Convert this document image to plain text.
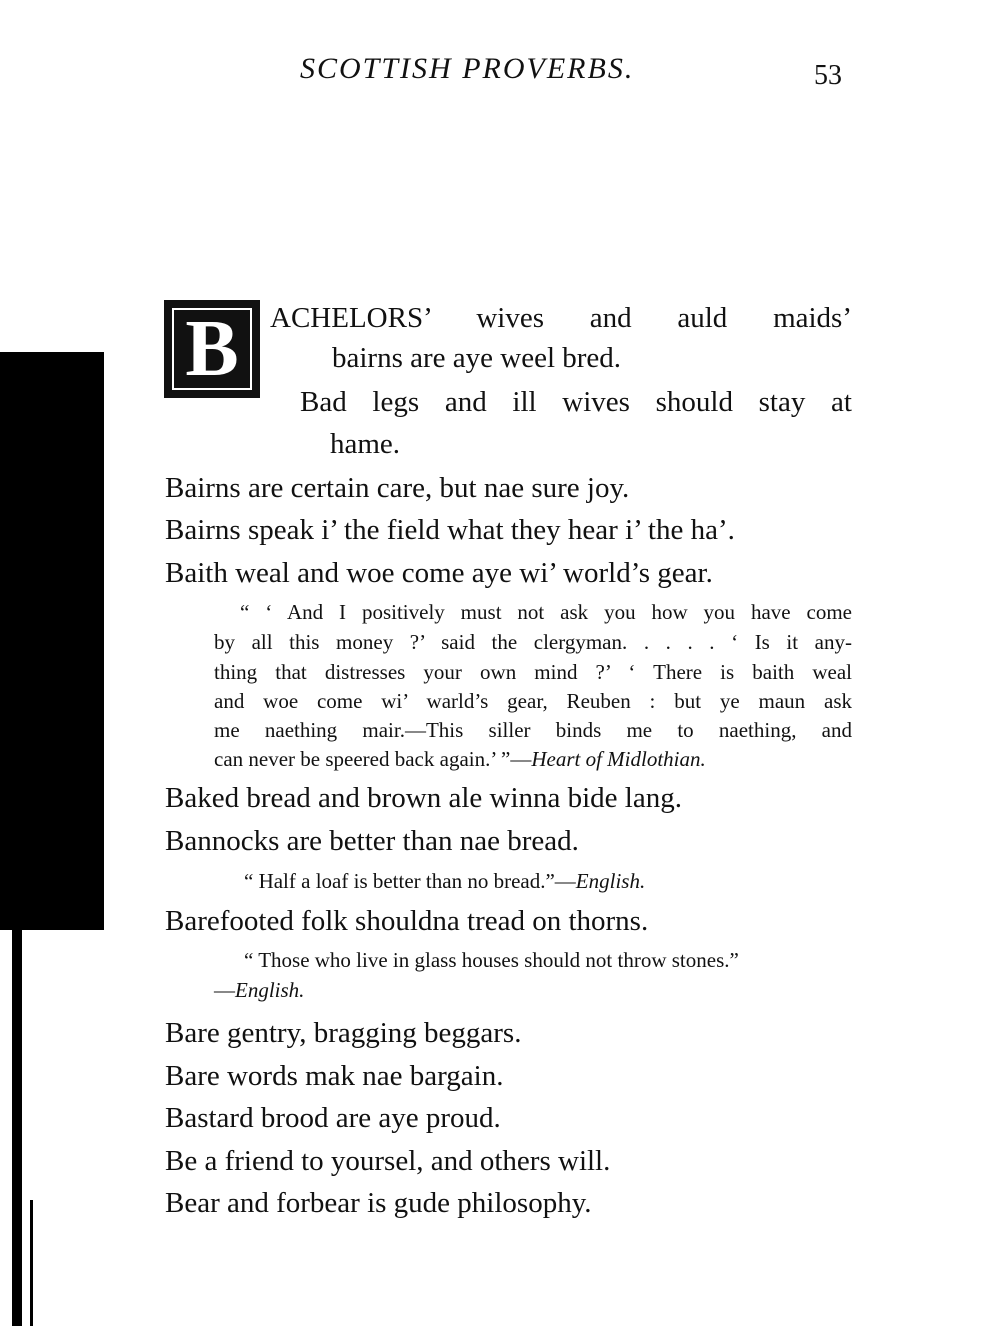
SCOTTISH PROVERBS.	53
B ACHELORS’ wives and auld maids’
bairns are aye weel bred.
Bad legs and ill wives should stay at
hame.
Bairns are certain care, but nae sure joy.
Bairns speak i’ the field what they hear i’ the ha’.
Baith weal and woe come aye wi’ world’s gear.
“ ‘ And I positively must not ask you how you have come
by all this money ?’ said the clergyman. . . . . ‘ Is it any-
thing that distresses your own mind ?’ ‘ There is baith weal
and woe come wi’ warld’s gear, Reuben : but ye maun ask
me naething mair.—This siller binds me to naething, and
can never be speered back again.’ ”—Heart of Midlothian.
Baked bread and brown ale winna bide lang.
Bannocks are better than nae bread.
“ Half a loaf is better than no bread.”—English.
Barefooted folk shouldna tread on thorns.
“ Those who live in glass houses should not throw stones.”
—English.
Bare gentry, bragging beggars.
Bare words mak nae bargain.
Bastard brood are aye proud.
Be a friend to yoursel, and others will.
Bear and forbear is gude philosophy.
